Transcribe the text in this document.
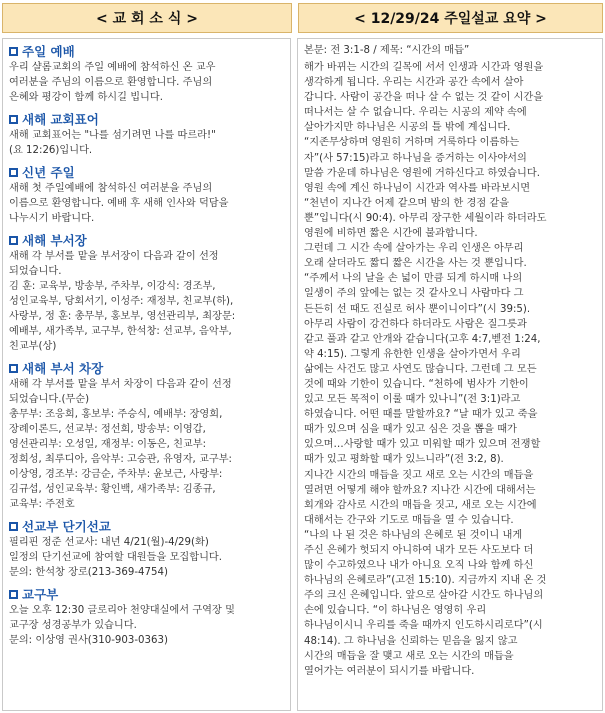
< 교 회 소 식 >	< 12/29/24 주일설교 요약 >
주일 예배
우리 샬롬교회의 주일 예배에 참석하신 온 교우
여러분을 주님의 이름으로 환영합니다. 주님의
은혜와 평강이 함께 하시길 빕니다.
새해 교회표어
새해 교회표어는 "나를 섬기려면 나를 따르라!"
(요 12:26)입니다.
신년 주일
새해 첫 주일예배에 참석하신 여러분을 주님의
이름으로 환영합니다. 예배 후 새해 인사와 덕담을
나누시기 바랍니다.
새해 부서장
새해 각 부서를 맡을 부서장이 다음과 같이 선정
되었습니다.
김 훈: 교육부, 방송부, 주차부, 이강식: 경조부,
성인교육부, 당회서기, 이성주: 재정부, 친교부(하),
사랑부, 정 훈: 총무부, 홍보부, 영선관리부, 최장문:
예배부, 새가족부, 교구부, 한석창: 선교부, 음악부,
친교부(상)
새해 부서 차장
새해 각 부서를 맡을 부서 차장이 다음과 같이 선정
되었습니다.(무순)
총무부: 조응희, 홍보부: 주승식, 예배부: 장영희,
장례이론드, 선교부: 정선희, 방송부: 이영갑,
영선관리부: 오성일, 재정부: 이동은, 친교부:
정희성, 최루디아, 음악부: 고승관, 유영자, 교구부:
이상영, 경조부: 강금순, 주차부: 윤보근, 사랑부:
김규섭, 성인교육부: 황인백, 새가족부: 김종규,
교육부: 주전호
선교부 단기선교
필리핀 정준 선교사: 내년 4/21(월)-4/29(화)
일정의 단기선교에 참여할 대원들을 모집합니다.
문의: 한석창 장로(213-369-4754)
교구부
오늘 오후 12:30 글로리아 천양대실에서 구역장 및
교구장 성경공부가 있습니다.
문의: 이상영 권사(310-903-0363)
본문: 전 3:1-8 / 제목: “시간의 매듭”
해가 바뀌는 시간의 길목에 서서 인생과 시간과 영원을
생각하게 됩니다. 우리는 시간과 공간 속에서 살아
갑니다. 사람이 공간을 떠나 살 수 없는 것 같이 시간을
떠나서는 살 수 없습니다. 우리는 시공의 제약 속에
살아가지만 하나님은 시공의 틀 밖에 계십니다.
“지존무상하며 영원히 거하며 거룩하다 이름하는
자”(사 57:15)라고 하나님을 증거하는 이사야서의
말씀 가운데 하나님은 영원에 거하신다고 하였습니다.
영원 속에 계신 하나님이 시간과 역사를 바라보시면
“천년이 지나간 어제 같으며 밤의 한 경점 같을
뿐”입니다(시 90:4). 아무리 장구한 세월이라 하더라도
영원에 비하면 짧은 시간에 불과합니다.
그런데 그 시간 속에 살아가는 우리 인생은 아무리
오래 살더라도 짧디 짧은 시간을 사는 것 뿐입니다.
“주께서 나의 날을 손 넓이 만큼 되게 하시매 나의
일생이 주의 앞에는 없는 것 같사오니 사람마다 그
든든히 선 때도 진실로 허사 뿐이니이다”(시 39:5).
아무리 사람이 강건하다 하더라도 사람은 질그릇과
같고 풀과 같고 안개와 같습니다(고후 4:7,벧전 1:24,
약 4:15). 그렇게 유한한 인생을 살아가면서 우리
삶에는 사건도 많고 사연도 많습니다. 그런데 그 모든
것에 때와 기한이 있습니다. “천하에 범사가 기한이
있고 모든 목적이 이룰 때가 있나니”(전 3:1)라고
하였습니다. 어떤 때를 말할까요? “날 때가 있고 죽을
때가 있으며 심을 때가 있고 심은 것을 뽑을 때가
있으며…사랑할 때가 있고 미워할 때가 있으며 전쟁할
때가 있고 평화할 때가 있느니라”(전 3:2, 8).
지나간 시간의 매듭을 짓고 새로 오는 시간의 매듭을
열려면 어떻게 해야 할까요? 지나간 시간에 대해서는
회개와 감사로 시간의 매듭을 짓고, 새로 오는 시간에
대해서는 간구와 기도로 매듭을 열 수 있습니다.
“나의 나 된 것은 하나님의 은혜로 된 것이니 내게
주신 은혜가 헛되지 아니하여 내가 모든 사도보다 더
많이 수고하였으나 내가 아니요 오직 나와 함께 하신
하나님의 은혜로라”(고전 15:10). 지금까지 지내 온 것
주의 크신 은혜입니다. 앞으로 살아갈 시간도 하나님의
손에 있습니다. “이 하나님은 영영히 우리
하나님이시니 우리를 죽을 때까지 인도하시리로다”(시
48:14). 그 하나님을 신뢰하는 믿음을 잃지 않고
시간의 매듭을 잘 맺고 새로 오는 시간의 매듭을
열어가는 여러분이 되시기를 바랍니다.
